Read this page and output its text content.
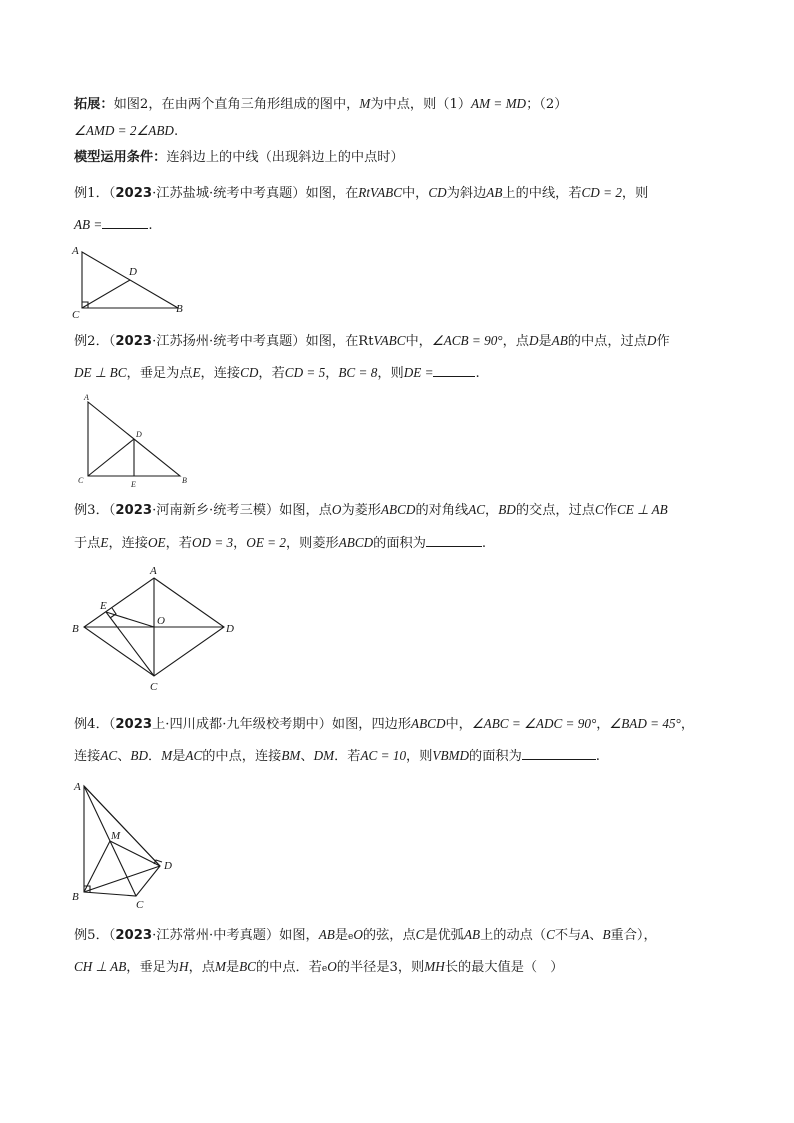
拓展：如图2，在由两个直角三角形组成的图中，M为中点，则（1）AM = MD；（2）
∠AMD = 2∠ABD.
模型运用条件：连斜边上的中线（出现斜边上的中点时）
例1．（2023·江苏盐城·统考中考真题）如图，在RtVABC中，CD为斜边AB上的中线，若CD = 2，则
AB =	.
A
C	B
D
例2．（2023·江苏扬州·统考中考真题）如图，在RtVABC中，∠ACB = 90°，点D是AB的中点，过点D作
DE ⊥ BC，垂足为点E，连接CD，若CD = 5，BC = 8，则DE =	.
A
C	B
D
E
例3．（2023·河南新乡·统考三模）如图，点O为菱形ABCD的对角线AC，BD的交点，过点C作CE ⊥ AB
于点E，连接OE，若OD = 3，OE = 2，则菱形ABCD的面积为	.
A
B
C
D
E
O
例4．（2023上·四川成都·九年级校考期中）如图，四边形ABCD中，∠ABC = ∠ADC = 90°，∠BAD = 45°，
连接AC、BD．M是AC的中点，连接BM、DM．若AC = 10，则VBMD的面积为	.
A
B
C
D
M
例5．（2023·江苏常州·中考真题）如图，AB是eO的弦，点C是优弧AB上的动点（C不与A、B重合），
CH ⊥ AB，垂足为H，点M是BC的中点．若eO的半径是3，则MH长的最大值是（　）
